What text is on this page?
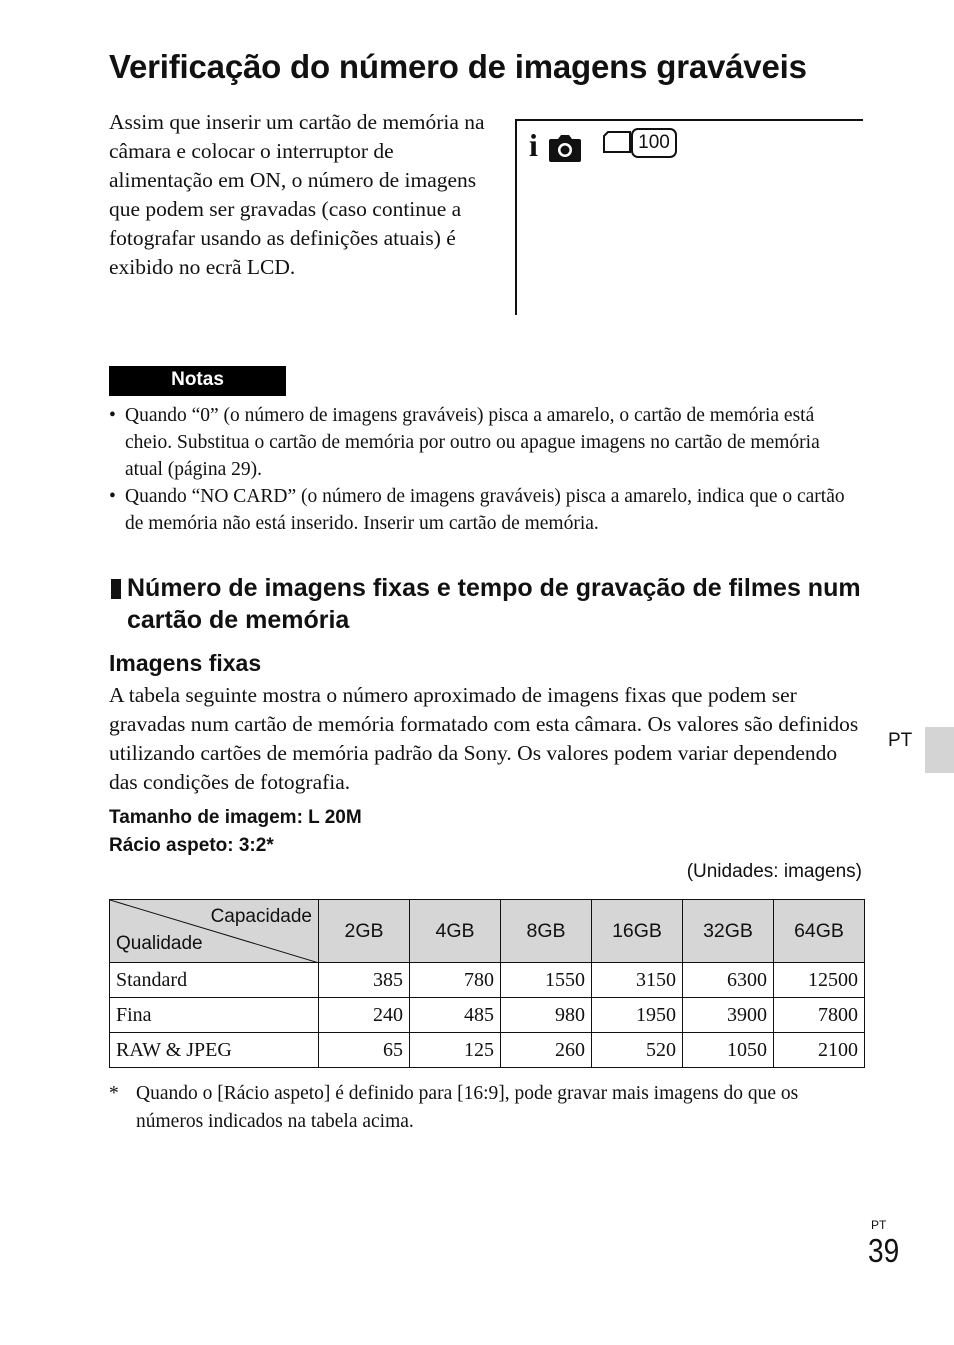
Verificação do número de imagens graváveis
Assim que inserir um cartão de memória na câmara e colocar o interruptor de alimentação em ON, o número de imagens que podem ser gravadas (caso continue a fotografar usando as definições atuais) é exibido no ecrã LCD.
i	100
Notas

• Quando “0” (o número de imagens graváveis) pisca a amarelo, o cartão de memória está cheio. Substitua o cartão de memória por outro ou apague imagens no cartão de memória atual (página 29).

• Quando “NO CARD” (o número de imagens graváveis) pisca a amarelo, indica que o cartão de memória não está inserido. Inserir um cartão de memória.

Número de imagens fixas e tempo de gravação de filmes num cartão de memória
Imagens fixas
A tabela seguinte mostra o número aproximado de imagens fixas que podem ser gravadas num cartão de memória formatado com esta câmara. Os valores são definidos utilizando cartões de memória padrão da Sony. Os valores podem variar dependendo das condições de fotografia.
Tamanho de imagem: L 20M
Rácio aspeto: 3:2*
(Unidades: imagens)
Capacidade
Qualidade	2GB	4GB	8GB	16GB	32GB	64GB
Standard	385	780	1550	3150	6300	12500
Fina	240	485	980	1950	3900	7800
RAW & JPEG	65	125	260	520	1050	2100
* Quando o [Rácio aspeto] é definido para [16:9], pode gravar mais imagens do que os números indicados na tabela acima.
PT
PT
39
